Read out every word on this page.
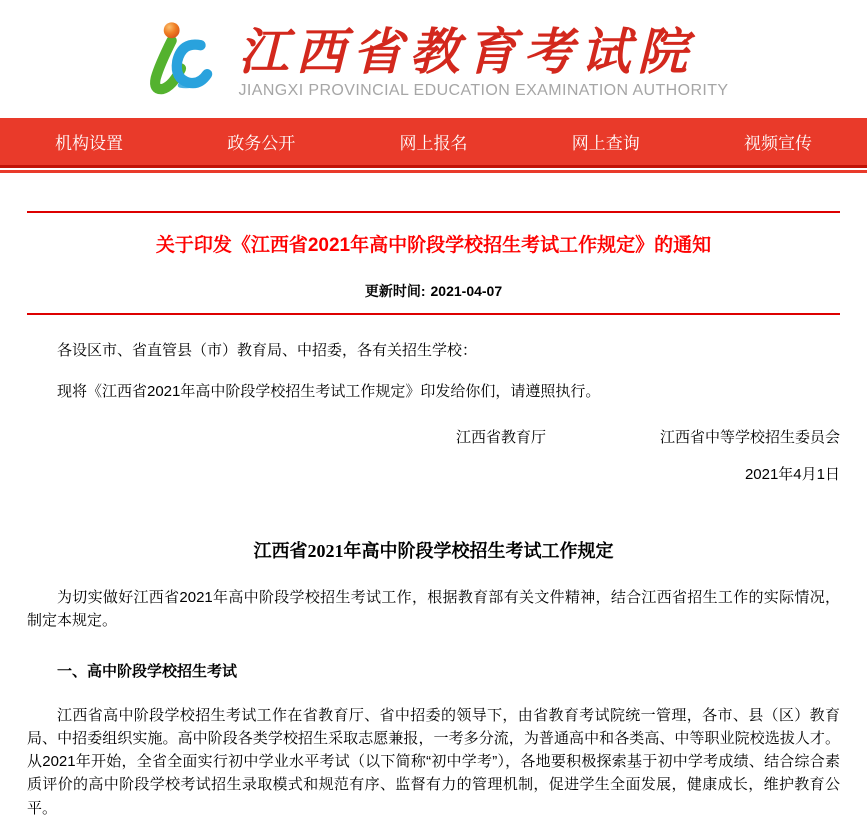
江西省教育考试院
JIANGXI PROVINCIAL EDUCATION EXAMINATION AUTHORITY
机构设置	政务公开	网上报名	网上查询	视频宣传
关于印发《江西省2021年高中阶段学校招生考试工作规定》的通知
更新时间: 2021-04-07

各设区市、省直管县（市）教育局、中招委，各有关招生学校：

现将《江西省2021年高中阶段学校招生考试工作规定》印发给你们，请遵照执行。

江西省教育厅	江西省中等学校招生委员会
2021年4月1日
江西省2021年高中阶段学校招生考试工作规定

为切实做好江西省2021年高中阶段学校招生考试工作，根据教育部有关文件精神，结合江西省招生工作的实际情况，制定本规定。

一、高中阶段学校招生考试

江西省高中阶段学校招生考试工作在省教育厅、省中招委的领导下，由省教育考试院统一管理，各市、县（区）教育局、中招委组织实施。高中阶段各类学校招生采取志愿兼报，一考多分流，为普通高中和各类高、中等职业院校选拔人才。从2021年开始，全省全面实行初中学业水平考试（以下简称“初中学考”），各地要积极探索基于初中学考成绩、结合综合素质评价的高中阶段学校考试招生录取模式和规范有序、监督有力的管理机制，促进学生全面发展，健康成长，维护教育公平。
